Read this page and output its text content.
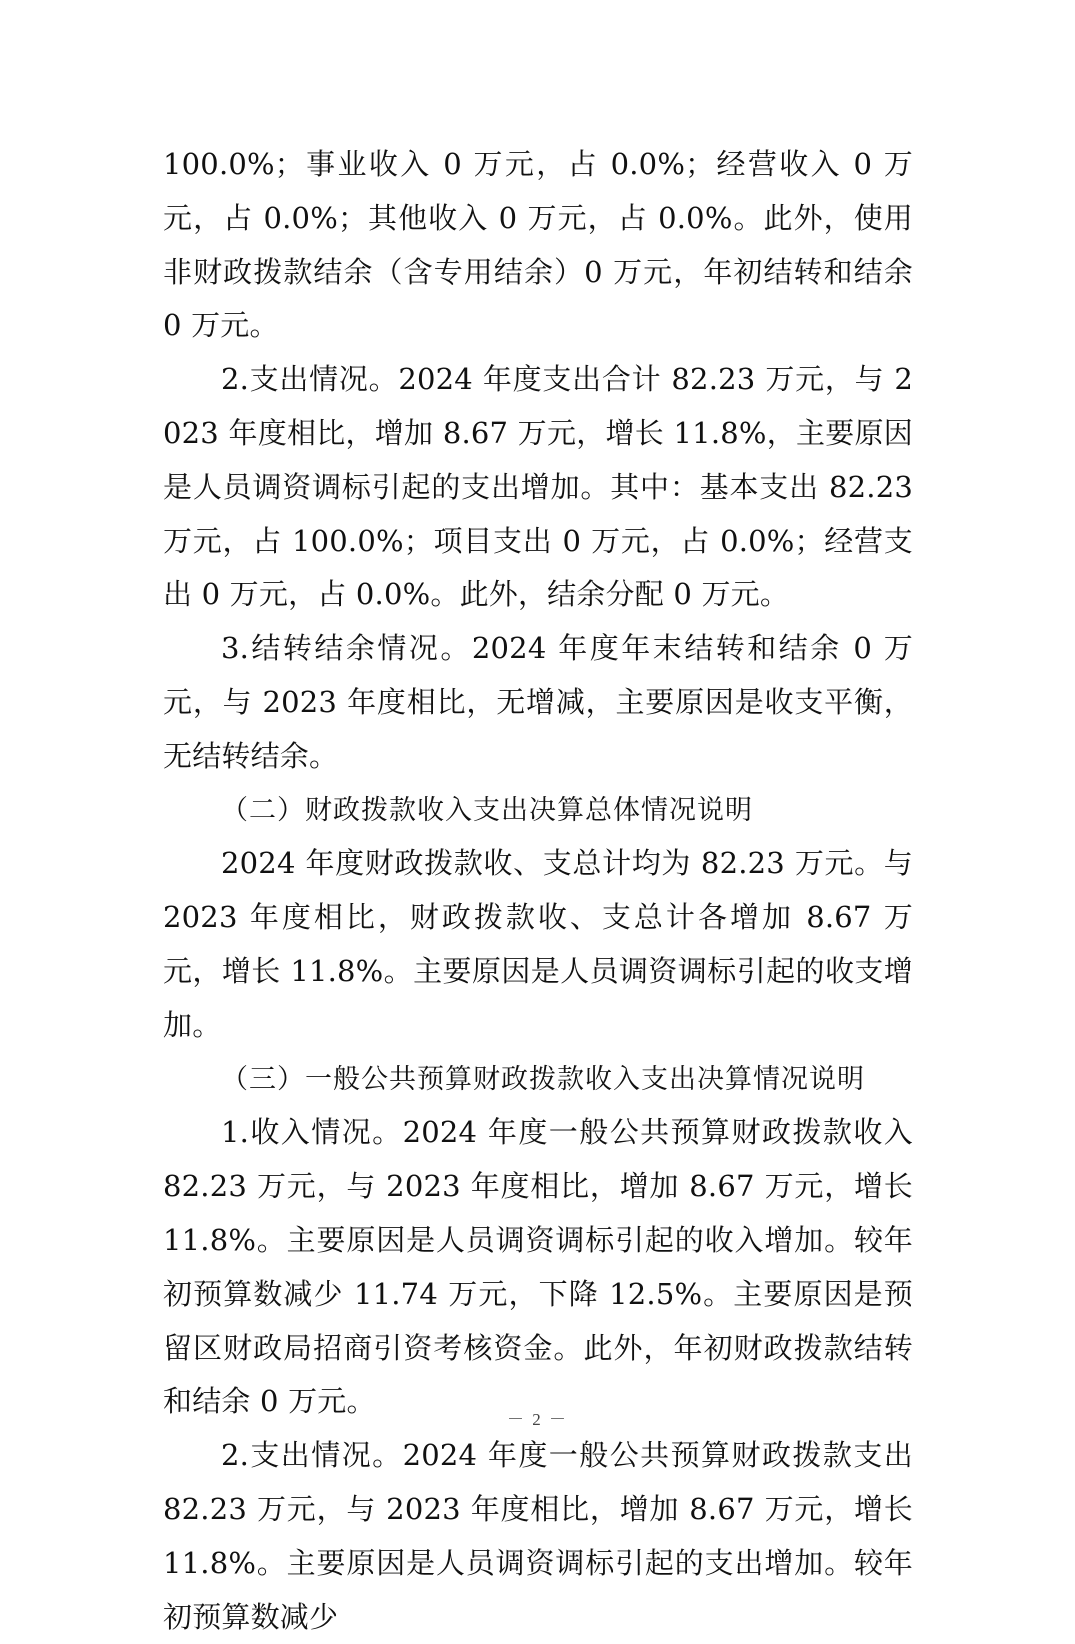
100.0%；事业收入 0 万元，占 0.0%；经营收入 0 万元，占 0.0%；其他收入 0 万元，占 0.0%。此外，使用非财政拨款结余（含专用结余）0 万元，年初结转和结余 0 万元。

2.支出情况。2024 年度支出合计 82.23 万元，与 2023 年度相比，增加 8.67 万元，增长 11.8%，主要原因是人员调资调标引起的支出增加。其中：基本支出 82.23 万元，占 100.0%；项目支出 0 万元，占 0.0%；经营支出 0 万元，占 0.0%。此外，结余分配 0 万元。

3.结转结余情况。2024 年度年末结转和结余 0 万元，与 2023 年度相比，无增减，主要原因是收支平衡，无结转结余。

（二）财政拨款收入支出决算总体情况说明

2024 年度财政拨款收、支总计均为 82.23 万元。与 2023 年度相比，财政拨款收、支总计各增加 8.67 万元，增长 11.8%。主要原因是人员调资调标引起的收支增加。

（三）一般公共预算财政拨款收入支出决算情况说明

1.收入情况。2024 年度一般公共预算财政拨款收入 82.23 万元，与 2023 年度相比，增加 8.67 万元，增长 11.8%。主要原因是人员调资调标引起的收入增加。较年初预算数减少 11.74 万元，下降 12.5%。主要原因是预留区财政局招商引资考核资金。此外，年初财政拨款结转和结余 0 万元。

2.支出情况。2024 年度一般公共预算财政拨款支出 82.23 万元，与 2023 年度相比，增加 8.67 万元，增长 11.8%。主要原因是人员调资调标引起的支出增加。较年初预算数减少

－ 2 －
